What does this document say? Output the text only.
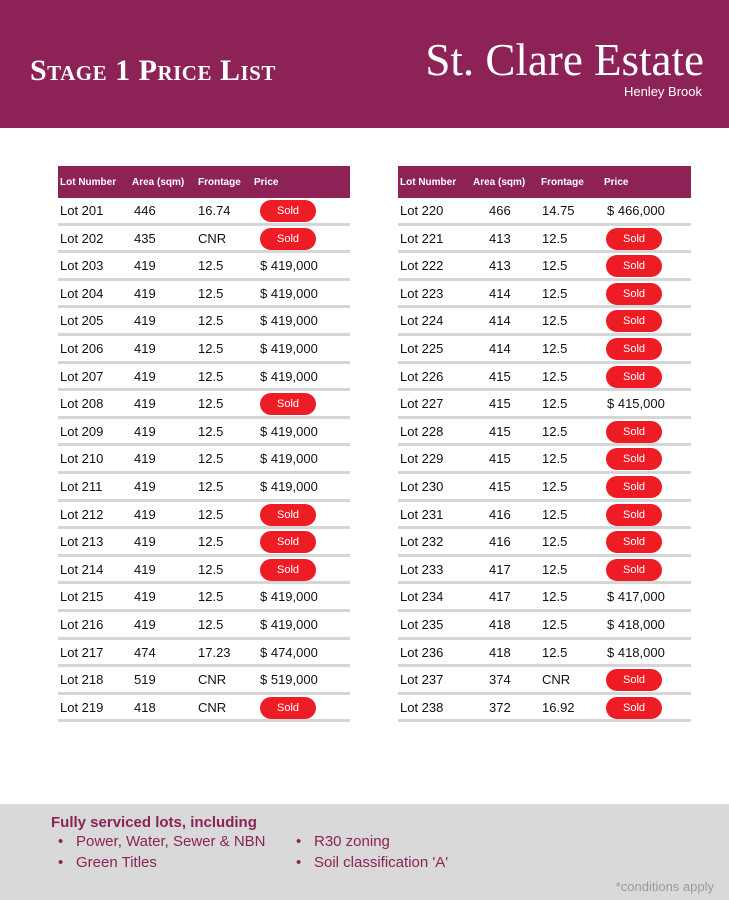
Stage 1 Price List	St. Clare Estate
Henley Brook
Lot Number Area (sqm) Frontage Price
Lot 201 446	16.74	Sold
Lot 202 435	CNR	Sold
Lot 203 419	12.5	$ 419,000
Lot 204 419	12.5	$ 419,000
Lot 205 419	12.5	$ 419,000
Lot 206 419	12.5	$ 419,000
Lot 207 419	12.5	$ 419,000
Lot 208 419	12.5	Sold
Lot 209 419	12.5	$ 419,000
Lot 210 419	12.5	$ 419,000
Lot 211 419	12.5	$ 419,000
Lot 212 419	12.5	Sold
Lot 213 419	12.5	Sold
Lot 214 419	12.5	Sold
Lot 215 419	12.5	$ 419,000
Lot 216 419	12.5	$ 419,000
Lot 217 474	17.23 $ 474,000
Lot 218 519	CNR	$ 519,000
Lot 219 418	CNR	Sold
Lot Number Area (sqm) Frontage Price
Lot 220	466 14.75 $ 466,000
Lot 221	413 12.5	Sold
Lot 222	413 12.5	Sold
Lot 223	414 12.5	Sold
Lot 224	414 12.5	Sold
Lot 225	414 12.5	Sold
Lot 226	415 12.5	Sold
Lot 227	415 12.5	$ 415,000
Lot 228	415 12.5	Sold
Lot 229	415 12.5	Sold
Lot 230	415 12.5	Sold
Lot 231	416 12.5	Sold
Lot 232	416 12.5	Sold
Lot 233	417 12.5	Sold
Lot 234	417 12.5	$ 417,000
Lot 235	418 12.5	$ 418,000
Lot 236	418 12.5	$ 418,000
Lot 237	374 CNR	Sold
Lot 238	372 16.92	Sold
Fully serviced lots, including
• Power, Water, Sewer & NBN • R30 zoning
• Green Titles	• Soil classification 'A'
*conditions apply
